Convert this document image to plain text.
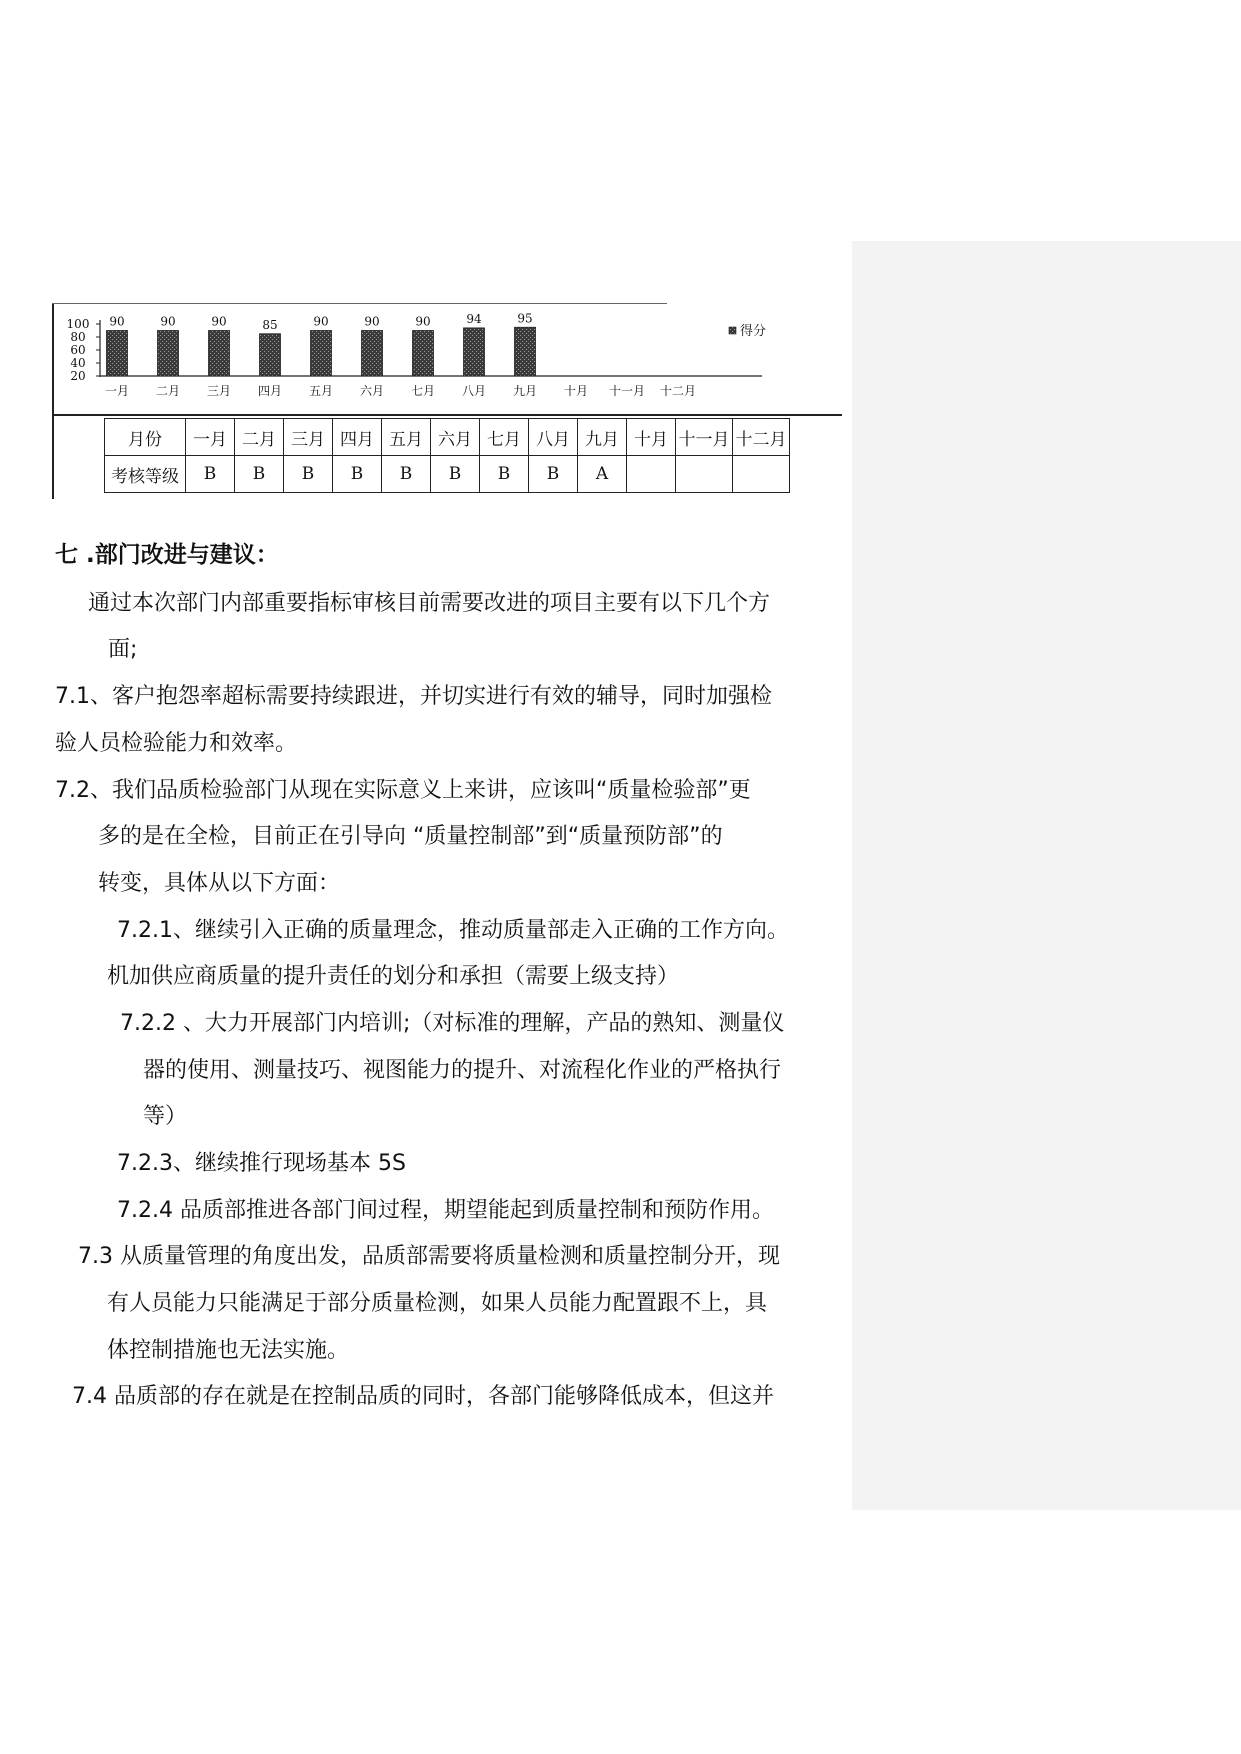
100
80
60
40
20
一月
90
二月
90
三月
90
四月
85
五月
90
六月
90
七月
90
八月
94
九月
95
十月 十一月 十二月
得分
月份	一月	二月	三月	四月	五月	六月	七月	八月	九月	十月	十一月	十二月
考核等级	B	B	B	B	B	B	B	B	A			
七 .部门改进与建议：
通过本次部门内部重要指标审核目前需要改进的项目主要有以下几个方
面;
7.1、客户抱怨率超标需要持续跟进，并切实进行有效的辅导，同时加强检
验人员检验能力和效率。
7.2、我们品质检验部门从现在实际意义上来讲，应该叫“质量检验部”更
多的是在全检，目前正在引导向 “质量控制部”到“质量预防部”的
转变，具体从以下方面：
7.2.1、继续引入正确的质量理念，推动质量部走入正确的工作方向。
机加供应商质量的提升责任的划分和承担（需要上级支持）
7.2.2 、大力开展部门内培训;（对标准的理解，产品的熟知、测量仪
器的使用、测量技巧、视图能力的提升、对流程化作业的严格执行
等）
7.2.3、继续推行现场基本 5S
7.2.4 品质部推进各部门间过程，期望能起到质量控制和预防作用。
7.3 从质量管理的角度出发，品质部需要将质量检测和质量控制分开，现
有人员能力只能满足于部分质量检测，如果人员能力配置跟不上，具
体控制措施也无法实施。
7.4 品质部的存在就是在控制品质的同时，各部门能够降低成本，但这并
